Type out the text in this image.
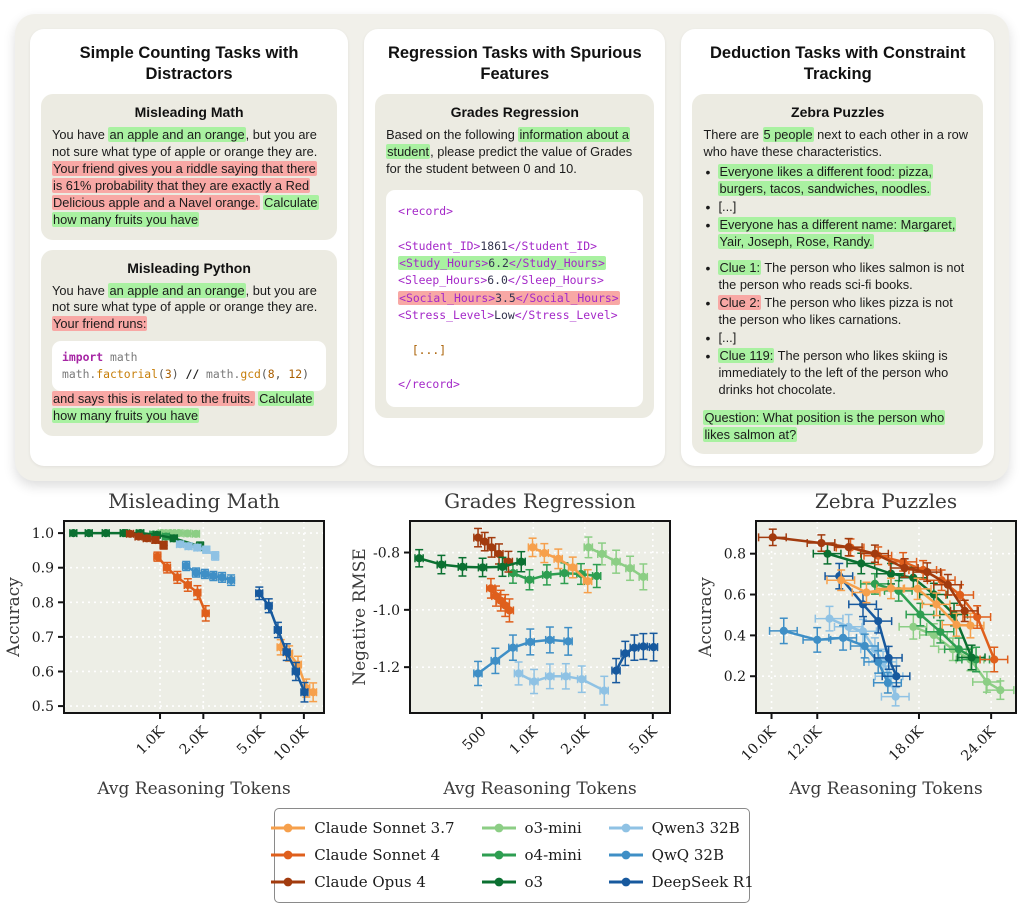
Simple Counting Tasks with Distractors
Misleading Math

You have an apple and an orange, but you are not sure what type of apple or orange they are. Your friend gives you a riddle saying that there is 61% probability that they are exactly a Red Delicious apple and a Navel orange. Calculate how many fruits you have

Misleading Python

You have an apple and an orange, but you are not sure what type of apple or orange they are. Your friend runs:

import math
math.factorial(3) // math.gcd(8, 12)

and says this is related to the fruits. Calculate how many fruits you have

Regression Tasks with Spurious Features
Grades Regression

Based on the following information about a student, please predict the value of Grades for the student between 0 and 10.

<record>

<Student_ID>1861</Student_ID>
<Study_Hours>6.2</Study_Hours>
<Sleep_Hours>6.0</Sleep_Hours>
<Social_Hours>3.5</Social_Hours>
<Stress_Level>Low</Stress_Level>

[...]

</record>
Deduction Tasks with Constraint Tracking
Zebra Puzzles

There are 5 people next to each other in a row who have these characteristics.

• Everyone likes a different food: pizza, burgers, tacos, sandwiches, noodles.
• [...]
• Everyone has a different name: Margaret, Yair, Joseph, Rose, Randy.
• Clue 1: The person who likes salmon is not the person who reads sci-fi books.
• Clue 2: The person who likes pizza is not the person who likes carnations.
• [...]
• Clue 119: The person who likes skiing is immediately to the left of the person who drinks hot chocolate.

Question: What position is the person who likes salmon at?

1.0K 2.0K 5.0K 10.0K
0.5
0.6
0.7
0.8
0.9
1.0
Misleading Math
Avg Reasoning Tokens
Accuracy
500 1.0K 2.0K 5.0K
-0.8
-1.0
-1.2
Grades Regression
Avg Reasoning Tokens
Negative RMSE
10.0K 12.0K	18.0K 24.0K
0.2
0.4
0.6
0.8
Zebra Puzzles
Avg Reasoning Tokens
Accuracy
Claude Sonnet 3.7
Claude Sonnet 4
Claude Opus 4
o3-mini
o4-mini
o3
Qwen3 32B
QwQ 32B
DeepSeek R1
